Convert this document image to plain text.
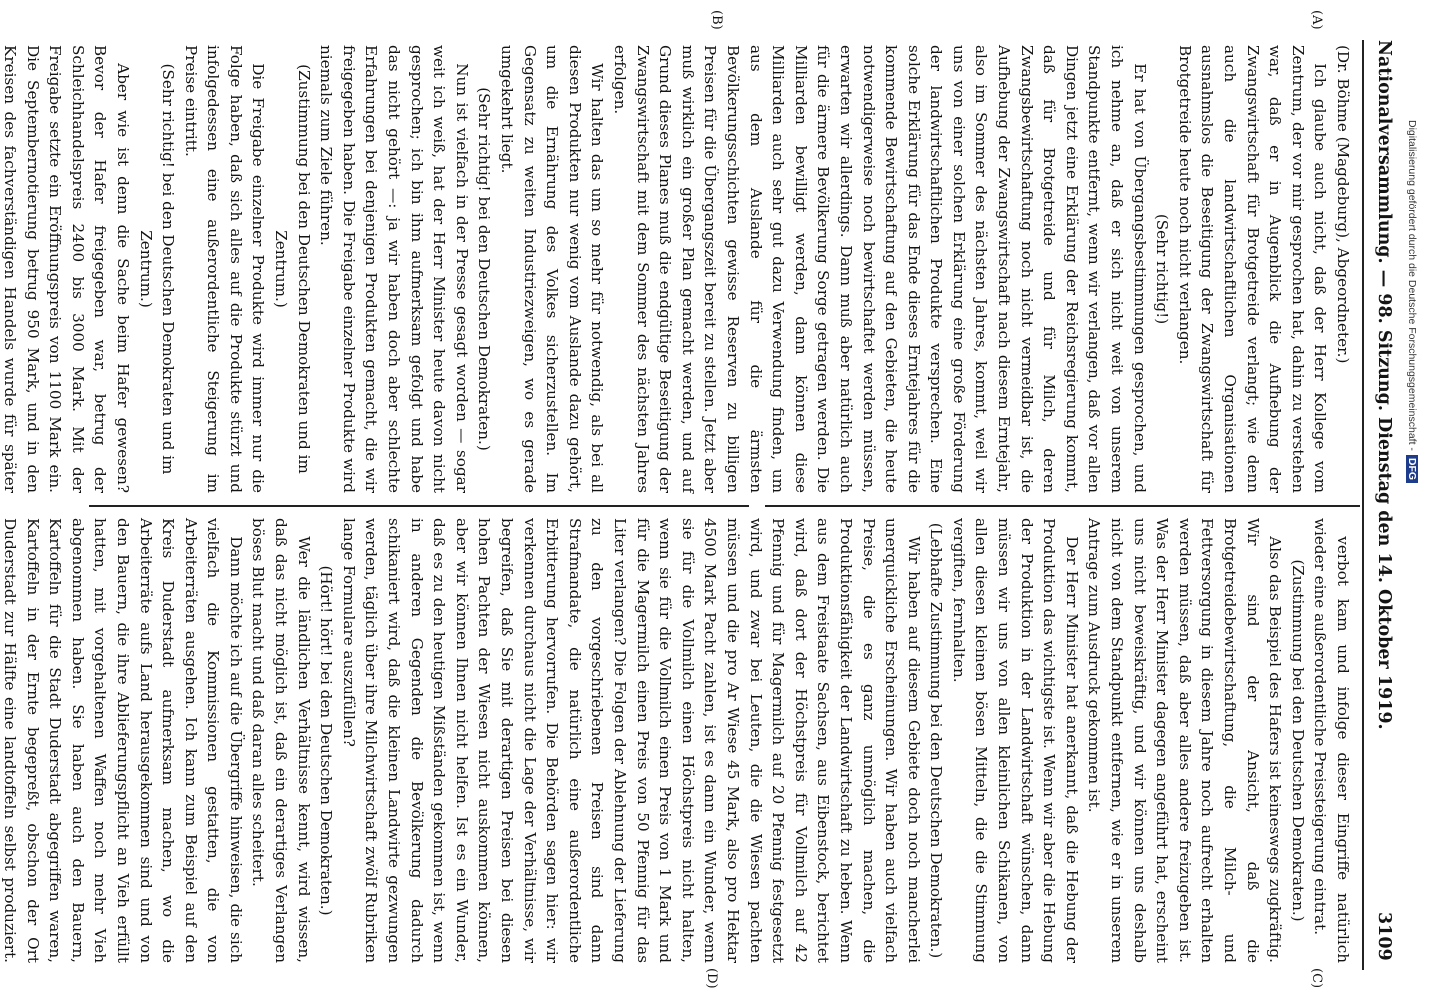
Nationalversammlung. — 98. Sitzung. Dienstag den 14. Oktober 1919.
3109
(A)
(B)
(C)
(D)

(Dr. Böhme (Magdeburg), Abgeordneter.)

Ich glaube auch nicht, daß der Herr Kollege vom Zentrum, der vor mir gesprochen hat, dahin zu verstehen war, daß er in Augenblick die Aufhebung der Zwangswirtschaft für Brotgetreide verlangt; wie denn auch die landwirtschaftlichen Organisationen ausnahmslos die Beseitigung der Zwangswirtschaft für Brotgetreide heute noch nicht verlangen.

(Sehr richtig!)

Er hat von Übergangsbestimmungen gesprochen, und ich nehme an, daß er sich nicht weit von unserem Standpunkte entfernt, wenn wir verlangen, daß vor allen Dingen jetzt eine Erklärung der Reichsregierung kommt, daß für Brotgetreide und für Milch, deren Zwangsbewirtschaftung noch nicht vermeidbar ist, die Aufhebung der Zwangswirtschaft nach diesem Erntejahr, also im Sommer des nächsten Jahres, kommt, weil wir uns von einer solchen Erklärung eine große Förderung der landwirtschaftlichen Produkte versprechen. Eine solche Erklärung für das Ende dieses Erntejahres für die kommende Bewirtschaftung auf den Gebieten, die heute notwendigerweise noch bewirtschaftet werden müssen, erwarten wir allerdings. Dann muß aber natürlich auch für die ärmere Bevölkerung Sorge getragen werden. Die Milliarden bewilligt werden, dann können diese Milliarden auch sehr gut dazu Verwendung finden, um aus dem Auslande für die ärmsten Bevölkerungsschichten gewisse Reserven zu billigen Preisen für die Übergangszeit bereit zu stellen. Jetzt aber muß wirklich ein großer Plan gemacht werden, und auf Grund dieses Planes muß die endgültige Beseitigung der Zwangswirtschaft mit dem Sommer des nächsten Jahres erfolgen.

Wir halten das um so mehr für notwendig, als bei all diesen Produkten nur wenig vom Auslande dazu gehört, um die Ernährung des Volkes sicherzustellen. Im Gegensatz zu weiten Industriezweigen, wo es gerade umgekehrt liegt.

(Sehr richtig! bei den Deutschen Demokraten.)

Nun ist vielfach in der Presse gesagt worden — sogar weit ich weiß, hat der Herr Minister heute davon nicht gesprochen; ich bin ihm aufmerksam gefolgt und habe das nicht gehört —: ja wir haben doch aber schlechte Erfahrungen bei denjenigen Produkten gemacht, die wir freigegeben haben. Die Freigabe einzelner Produkte wird niemals zum Ziele führen.

(Zustimmung bei den Deutschen Demokraten und im Zentrum.)

Die Freigabe einzelner Produkte wird immer nur die Folge haben, daß sich alles auf die Produkte stürzt und infolgedessen eine außerordentliche Steigerung im Preise eintritt.

(Sehr richtig! bei den Deutschen Demokraten und im Zentrum.)

Aber wie ist denn die Sache beim Hafer gewesen? Bevor der Hafer freigegeben war, betrug der Schleichhandelspreis 2400 bis 3000 Mark. Mit der Freigabe setzte ein Eröffnungspreis von 1100 Mark ein. Die Septembernotierung betrug 950 Mark, und in den Kreisen des fachverständigen Handels wurde für später

verbot kam und infolge dieser Eingriffe natürlich wieder eine außerordentliche Preissteigerung eintrat.

(Zustimmung bei den Deutschen Demokraten.)

Also das Beispiel des Hafers ist keineswegs zugkräftig. Wir sind der Ansicht, daß die Brotgetreidebewirtschaftung, die Milch- und Fettversorgung in diesem Jahre noch aufrecht erhalten werden müssen, daß aber alles andere freizugeben ist. Was der Herr Minister dagegen angeführt hat, erscheint uns nicht beweiskräftig, und wir können uns deshalb nicht von dem Standpunkt entfernen, wie er in unserem Antrage zum Ausdruck gekommen ist.

Der Herr Minister hat anerkannt, daß die Hebung der Produktion das wichtigste ist. Wenn wir aber die Hebung der Produktion in der Landwirtschaft wünschen, dann müssen wir uns von allen kleinlichen Schikanen, von allen diesen kleinen bösen Mitteln, die die Stimmung vergiften, fernhalten.

(Lebhafte Zustimmung bei den Deutschen Demokraten.)

Wir haben auf diesem Gebiete doch noch mancherlei unerquickliche Erscheinungen. Wir haben auch vielfach Preise, die es ganz unmöglich machen, die Produktionsfähigkeit der Landwirtschaft zu heben. Wenn aus dem Freistaate Sachsen, aus Eibenstock, berichtet wird, daß dort der Höchstpreis für Vollmilch auf 42 Pfennig und für Magermilch auf 20 Pfennig festgesetzt wird, und zwar bei Leuten, die die Wiesen pachten müssen und die pro Ar Wiese 45 Mark, also pro Hektar 4500 Mark Pacht zahlen, ist es dann ein Wunder, wenn sie für die Vollmilch einen Höchstpreis nicht halten, wenn sie für die Vollmilch einen Preis von 1 Mark und für die Magermilch einen Preis von 50 Pfennig für das Liter verlangen? Die Folgen der Ablehnung der Lieferung zu den vorgeschriebenen Preisen sind dann Strafmandate, die natürlich eine außerordentliche Erbitterung hervorrufen. Die Behörden sagen hier: wir verkennen durchaus nicht die Lage der Verhältnisse, wir begreifen, daß Sie mit derartigen Preisen bei diesen hohen Pachten der Wiesen nicht auskommen können, aber wir können Ihnen nicht helfen. Ist es ein Wunder, daß es zu den heutigen Mißständen gekommen ist, wenn in anderen Gegenden die Bevölkerung dadurch schikaniert wird, daß die kleinen Landwirte gezwungen werden, täglich über ihre Milchwirtschaft zwölf Rubriken lange Formulare auszufüllen?

(Hört! hört! bei den Deutschen Demokraten.)

Wer die ländlichen Verhältnisse kennt, wird wissen, daß das nicht möglich ist, daß ein derartiges Verlangen böses Blut macht und daß daran alles scheitert.

Dann möchte ich auf die Übergriffe hinweisen, die sich vielfach die Kommissionen gestatten, die von Arbeiterräten ausgehen. Ich kann zum Beispiel auf den Kreis Duderstadt aufmerksam machen, wo die Arbeiterräte aufs Land herausgekommen sind und von den Bauern, die ihre Ablieferungspflicht an Vieh erfüllt hatten, mit vorgehaltenen Waffen noch mehr Vieh abgenommen haben. Sie haben auch den Bauern, Kartoffeln für die Stadt Duderstadt abgegriffen waren, Kartoffeln in der Ernte begepreßt, obschon der Ort Duderstadt zur Hälfte eine landtoffeln selbst produziert.

Digitalisierung gefördert durch die Deutsche Forschungsgemeinschaft -DFG
